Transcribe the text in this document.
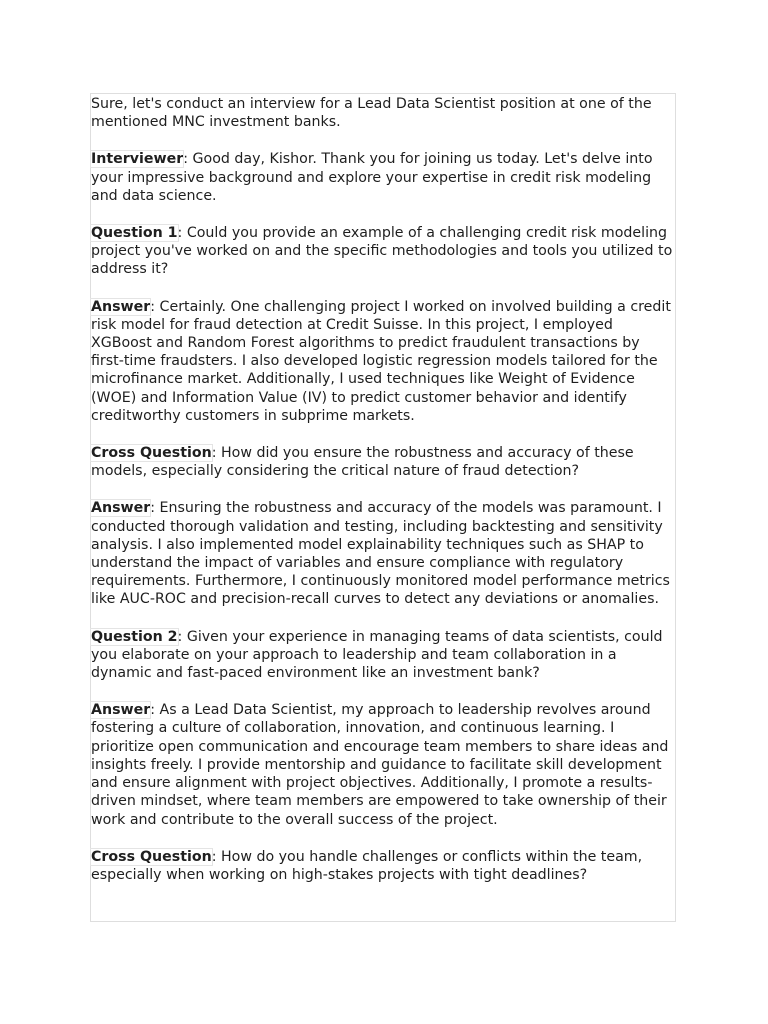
Sure, let's conduct an interview for a Lead Data Scientist position at one of the mentioned MNC investment banks.

Interviewer: Good day, Kishor. Thank you for joining us today. Let's delve into your impressive background and explore your expertise in credit risk modeling and data science.

Question 1: Could you provide an example of a challenging credit risk modeling project you've worked on and the specific methodologies and tools you utilized to address it?

Answer: Certainly. One challenging project I worked on involved building a credit risk model for fraud detection at Credit Suisse. In this project, I employed XGBoost and Random Forest algorithms to predict fraudulent transactions by first-time fraudsters. I also developed logistic regression models tailored for the microfinance market. Additionally, I used techniques like Weight of Evidence (WOE) and Information Value (IV) to predict customer behavior and identify creditworthy customers in subprime markets.

Cross Question: How did you ensure the robustness and accuracy of these models, especially considering the critical nature of fraud detection?

Answer: Ensuring the robustness and accuracy of the models was paramount. I conducted thorough validation and testing, including backtesting and sensitivity analysis. I also implemented model explainability techniques such as SHAP to understand the impact of variables and ensure compliance with regulatory requirements. Furthermore, I continuously monitored model performance metrics like AUC-ROC and precision-recall curves to detect any deviations or anomalies.

Question 2: Given your experience in managing teams of data scientists, could you elaborate on your approach to leadership and team collaboration in a dynamic and fast-paced environment like an investment bank?

Answer: As a Lead Data Scientist, my approach to leadership revolves around fostering a culture of collaboration, innovation, and continuous learning. I prioritize open communication and encourage team members to share ideas and insights freely. I provide mentorship and guidance to facilitate skill development and ensure alignment with project objectives. Additionally, I promote a results-driven mindset, where team members are empowered to take ownership of their work and contribute to the overall success of the project.

Cross Question: How do you handle challenges or conflicts within the team, especially when working on high-stakes projects with tight deadlines?
